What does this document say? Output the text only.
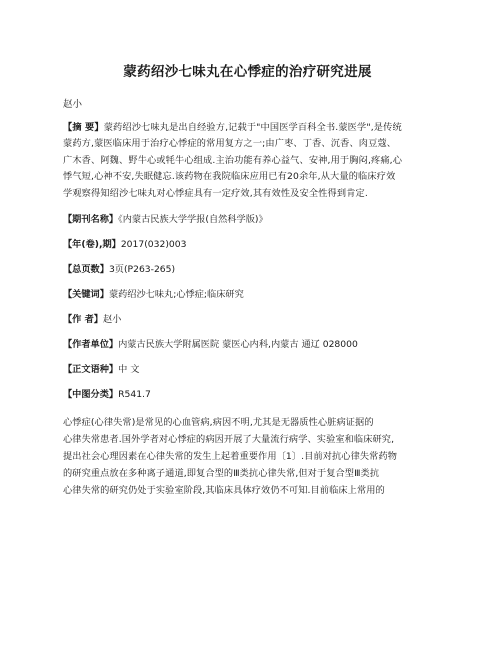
蒙药绍沙七味丸在心悸症的治疗研究进展
赵小
【摘 要】蒙药绍沙七味丸是出自经验方,记载于"中国医学百科全书.蒙医学",是传统
蒙药方,蒙医临床用于治疗心悸症的常用复方之一;由广枣、丁香、沉香、肉豆蔻、
广木香、阿魏、野牛心或牦牛心组成.主治功能有养心益气、安神,用于胸闷,疼痛,心
悸气短,心神不安,失眠健忘.该药物在我院临床应用已有20余年,从大量的临床疗效
学观察得知绍沙七味丸对心悸症具有一定疗效,其有效性及安全性得到肯定.
【期刊名称】《内蒙古民族大学学报(自然科学版)》
【年(卷),期】2017(032)003
【总页数】3页(P263-265)
【关键词】蒙药绍沙七味丸;心悸症;临床研究
【作 者】赵小
【作者单位】内蒙古民族大学附属医院 蒙医心内科,内蒙古 通辽 028000
【正文语种】中 文
【中图分类】R541.7
心悸症(心律失常)是常见的心血管病,病因不明,尤其是无器质性心脏病证据的
心律失常患者.国外学者对心悸症的病因开展了大量流行病学、实验室和临床研究,
提出社会心理因素在心律失常的发生上起着重要作用〔1〕.目前对抗心律失常药物
的研究重点放在多种离子通道,即复合型的Ⅲ类抗心律失常,但对于复合型Ⅲ类抗
心律失常的研究仍处于实验室阶段,其临床具体疗效仍不可知.目前临床上常用的
